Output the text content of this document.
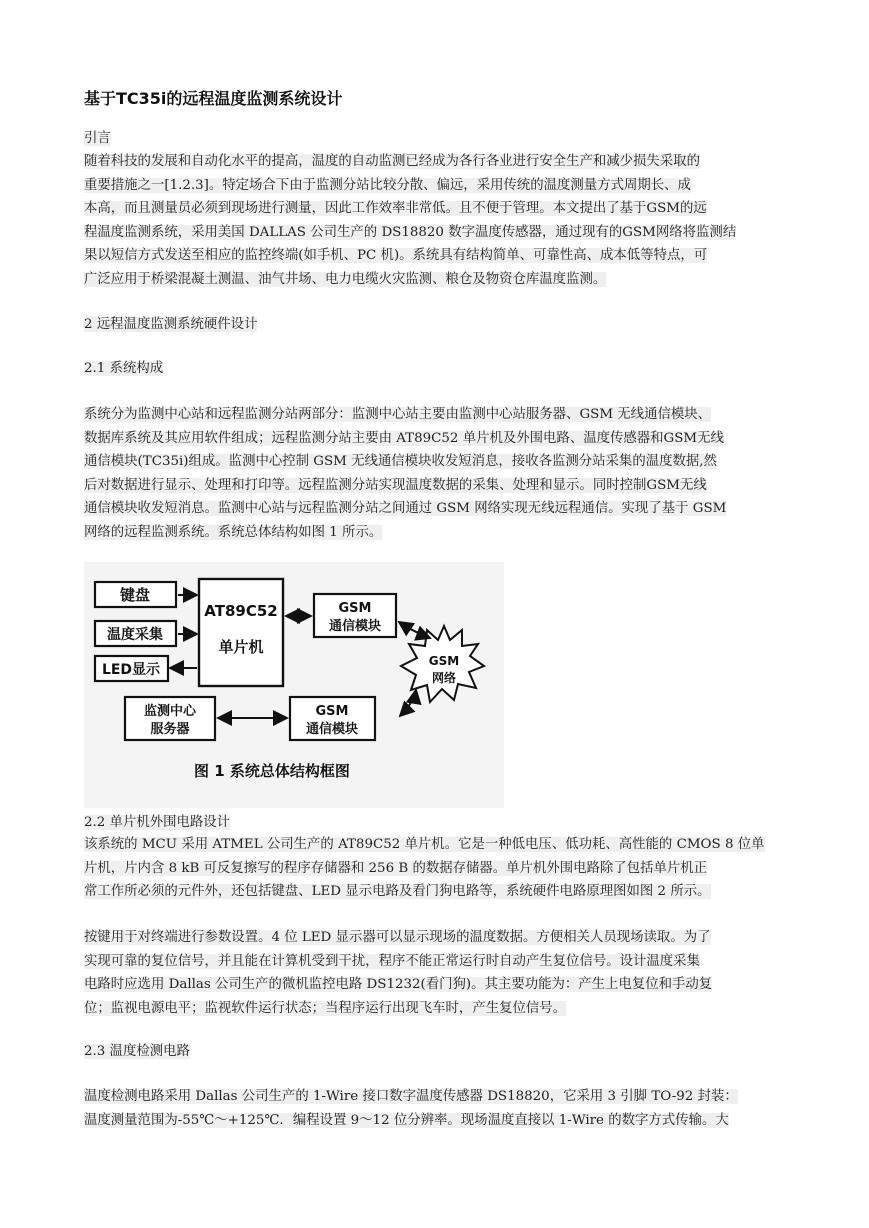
基于TC35i的远程温度监测系统设计
引言
随着科技的发展和自动化水平的提高，温度的自动监测已经成为各行各业进行安全生产和减少损失采取的
重要措施之一[1.2.3]。特定场合下由于监测分站比较分散、偏远，采用传统的温度测量方式周期长、成
本高，而且测量员必须到现场进行测量，因此工作效率非常低。且不便于管理。本文提出了基于GSM的远
程温度监测系统，采用美国 DALLAS 公司生产的 DS18820 数字温度传感器，通过现有的GSM网络将监测结
果以短信方式发送至相应的监控终端(如手机、PC 机)。系统具有结构简单、可靠性高、成本低等特点，可
广泛应用于桥梁混凝土测温、油气井场、电力电缆火灾监测、粮仓及物资仓库温度监测。
2 远程温度监测系统硬件设计
2.1 系统构成
系统分为监测中心站和远程监测分站两部分：监测中心站主要由监测中心站服务器、GSM 无线通信模块、
数据库系统及其应用软件组成；远程监测分站主要由 AT89C52 单片机及外围电路、温度传感器和GSM无线
通信模块(TC35i)组成。监测中心控制 GSM 无线通信模块收发短消息，接收各监测分站采集的温度数据,然
后对数据进行显示、处理和打印等。远程监测分站实现温度数据的采集、处理和显示。同时控制GSM无线
通信模块收发短消息。监测中心站与远程监测分站之间通过 GSM 网络实现无线远程通信。实现了基于 GSM
网络的远程监测系统。系统总体结构如图 1 所示。
键盘
温度采集
LED显示
AT89C52
单片机
GSM
通信模块
GSM
网络
监测中心
服务器
GSM
通信模块
图 1 系统总体结构框图
2.2 单片机外围电路设计
该系统的 MCU 采用 ATMEL 公司生产的 AT89C52 单片机。它是一种低电压、低功耗、高性能的 CMOS 8 位单
片机，片内含 8 kB 可反复擦写的程序存储器和 256 B 的数据存储器。单片机外围电路除了包括单片机正
常工作所必须的元件外，还包括键盘、LED 显示电路及看门狗电路等，系统硬件电路原理图如图 2 所示。
按键用于对终端进行参数设置。4 位 LED 显示器可以显示现场的温度数据。方便相关人员现场读取。为了
实现可靠的复位信号，并且能在计算机受到干扰，程序不能正常运行时自动产生复位信号。设计温度采集
电路时应选用 Dallas 公司生产的微机监控电路 DS1232(看门狗)。其主要功能为：产生上电复位和手动复
位；监视电源电平；监视软件运行状态；当程序运行出现飞车时，产生复位信号。
2.3 温度检测电路
温度检测电路采用 Dallas 公司生产的 1-Wire 接口数字温度传感器 DS18820，它采用 3 引脚 TO-92 封装：
温度测量范围为-55℃～+125℃．编程设置 9～12 位分辨率。现场温度直接以 1-Wire 的数字方式传输。大
